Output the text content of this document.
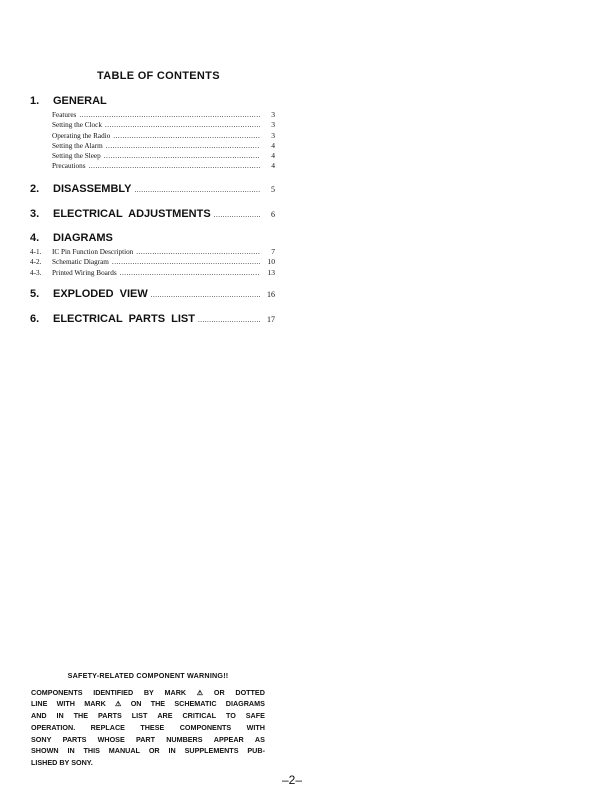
TABLE OF CONTENTS
1.	GENERAL
Features .....	3
Setting the Clock .....	3
Operating the Radio .....	3
Setting the Alarm .....	4
Setting the Sleep .....	4
Precautions .....	4
2.	DISASSEMBLY .....	5
3.	ELECTRICAL  ADJUSTMENTS .....	6
4.	DIAGRAMS
4-1.	IC Pin Function Description .....	7
4-2.	Schematic Diagram .....	10
4-3.	Printed Wiring Boards .....	13
5.	EXPLODED  VIEW .....	16
6.	ELECTRICAL  PARTS  LIST .....	17
SAFETY-RELATED COMPONENT WARNING!!
COMPONENTS IDENTIFIED BY MARK ⚠ OR DOTTED
LINE WITH MARK ⚠ ON THE SCHEMATIC DIAGRAMS
AND IN THE PARTS LIST ARE CRITICAL TO SAFE
OPERATION. REPLACE THESE COMPONENTS WITH
SONY PARTS WHOSE PART NUMBERS APPEAR AS
SHOWN IN THIS MANUAL OR IN SUPPLEMENTS PUB-
LISHED BY SONY.
–2–
